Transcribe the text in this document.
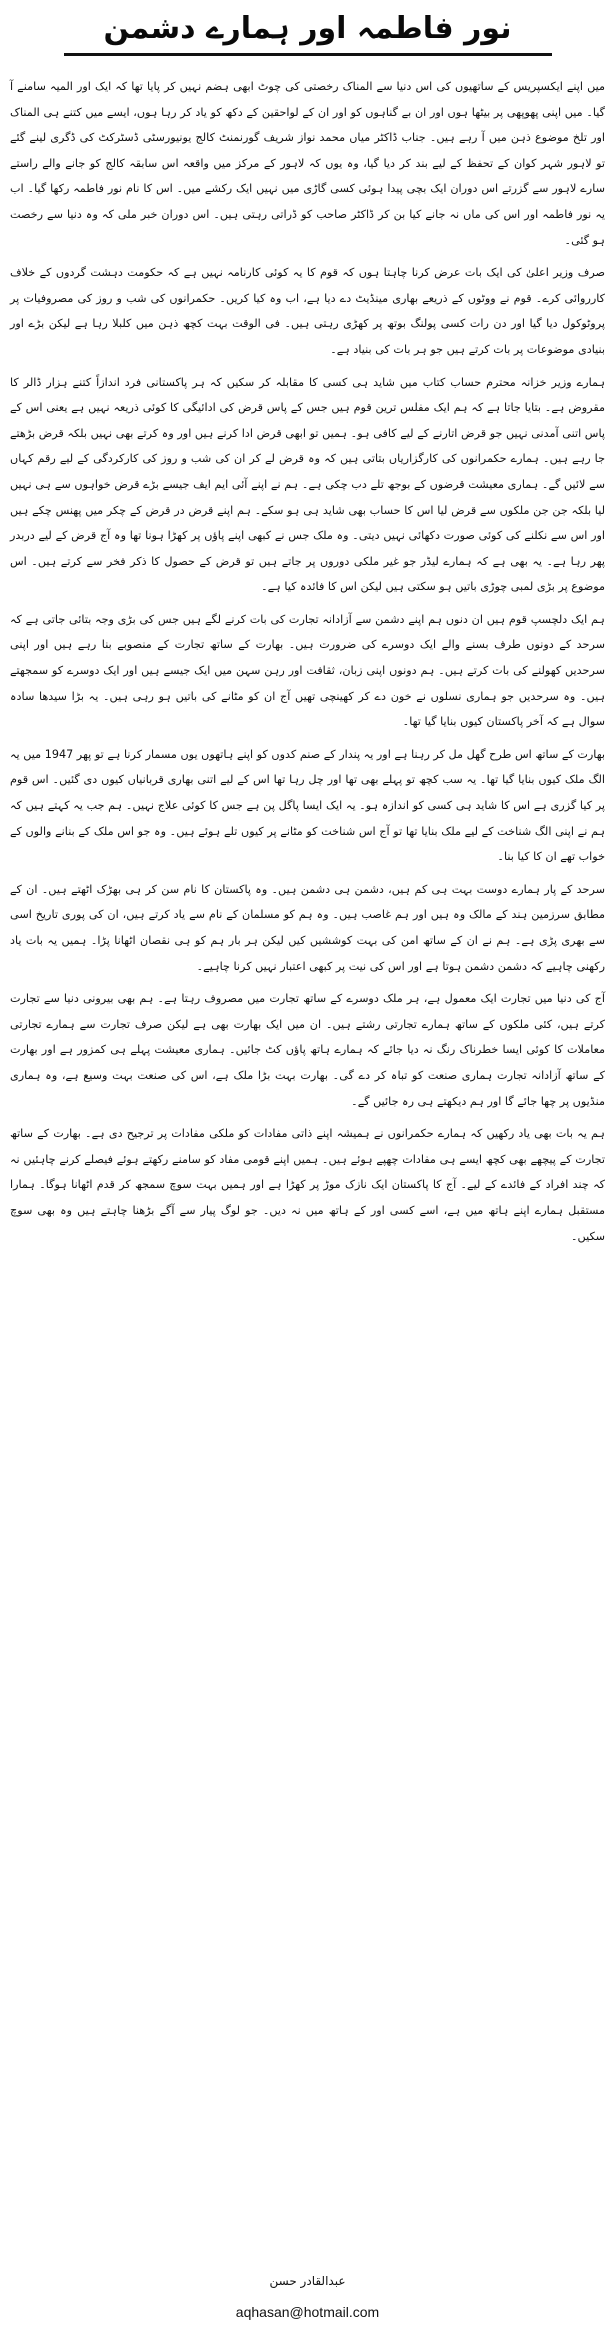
نور فاطمہ اور ہمارے دشمن

میں اپنے ایکسپریس کے ساتھیوں کی اس دنیا سے المناک رخصتی کی چوٹ ابھی ہضم نہیں کر پایا تھا کہ ایک اور المیہ سامنے آ گیا۔ میں اپنی پھوپھی پر بیٹھا ہوں اور ان بے گناہوں کو اور ان کے لواحقین کے دکھ کو یاد کر رہا ہوں، ایسے میں کتنے ہی المناک اور تلخ موضوع ذہن میں آ رہے ہیں۔ جناب ڈاکٹر میاں محمد نواز شریف گورنمنٹ کالج یونیورسٹی ڈسٹرکٹ کی ڈگری لینے گئے تو لاہور شہر کوان کے تحفظ کے لیے بند کر دیا گیا، وہ یوں کہ لاہور کے مرکز میں واقعہ اس سابقہ کالج کو جانے والے راستے سارے لاہور سے گزرتے اس دوران ایک بچی پیدا ہوئی کسی گاڑی میں نہیں ایک رکشے میں۔ اس کا نام نور فاطمہ رکھا گیا۔ اب یہ نور فاطمہ اور اس کی ماں نہ جانے کیا بن کر ڈاکٹر صاحب کو ڈراتی رہتی ہیں۔ اس دوران خبر ملی کہ وہ دنیا سے رخصت ہو گئی۔

صرف وزیر اعلیٰ کی ایک بات عرض کرنا چاہتا ہوں کہ قوم کا یہ کوئی کارنامہ نہیں ہے کہ حکومت دہشت گردوں کے خلاف کارروائی کرے۔ قوم نے ووٹوں کے ذریعے بھاری مینڈیٹ دے دیا ہے، اب وہ کیا کریں۔ حکمرانوں کی شب و روز کی مصروفیات پر پروٹوکول دیا گیا اور دن رات کسی پولنگ بوتھ پر کھڑی رہتی ہیں۔ فی الوقت بہت کچھ ذہن میں کلبلا رہا ہے لیکن بڑے اور بنیادی موضوعات پر بات کرتے ہیں جو ہر بات کی بنیاد ہے۔

ہمارے وزیر خزانہ محترم حساب کتاب میں شاید ہی کسی کا مقابلہ کر سکیں کہ ہر پاکستانی فرد اندازاً کتنے ہزار ڈالر کا مقروض ہے۔ بتایا جاتا ہے کہ ہم ایک مفلس ترین قوم ہیں جس کے پاس قرض کی ادائیگی کا کوئی ذریعہ نہیں ہے یعنی اس کے پاس اتنی آمدنی نہیں جو قرض اتارنے کے لیے کافی ہو۔ ہمیں تو ابھی قرض ادا کرنے ہیں اور وہ کرتے بھی نہیں بلکہ قرض بڑھتے جا رہے ہیں۔ ہمارے حکمرانوں کی کارگزاریاں بتاتی ہیں کہ وہ قرض لے کر ان کی شب و روز کی کارکردگی کے لیے رقم کہاں سے لائیں گے۔ ہماری معیشت قرضوں کے بوجھ تلے دب چکی ہے۔ ہم نے اپنے آئی ایم ایف جیسے بڑے قرض خواہوں سے ہی نہیں لیا بلکہ جن جن ملکوں سے قرض لیا اس کا حساب بھی شاید ہی ہو سکے۔ ہم اپنے قرض در قرض کے چکر میں پھنس چکے ہیں اور اس سے نکلنے کی کوئی صورت دکھائی نہیں دیتی۔ وہ ملک جس نے کبھی اپنے پاؤں پر کھڑا ہونا تھا وہ آج قرض کے لیے دربدر پھر رہا ہے۔ یہ بھی ہے کہ ہمارے لیڈر جو غیر ملکی دوروں پر جاتے ہیں تو قرض کے حصول کا ذکر فخر سے کرتے ہیں۔ اس موضوع پر بڑی لمبی چوڑی باتیں ہو سکتی ہیں لیکن اس کا فائدہ کیا ہے۔

ہم ایک دلچسپ قوم ہیں ان دنوں ہم اپنے دشمن سے آزادانہ تجارت کی بات کرنے لگے ہیں جس کی بڑی وجہ بتائی جاتی ہے کہ سرحد کے دونوں طرف بسنے والے ایک دوسرے کی ضرورت ہیں۔ بھارت کے ساتھ تجارت کے منصوبے بنا رہے ہیں اور اپنی سرحدیں کھولنے کی بات کرتے ہیں۔ ہم دونوں اپنی زبان، ثقافت اور رہن سہن میں ایک جیسے ہیں اور ایک دوسرے کو سمجھتے ہیں۔ وہ سرحدیں جو ہماری نسلوں نے خون دے کر کھینچی تھیں آج ان کو مٹانے کی باتیں ہو رہی ہیں۔ یہ بڑا سیدھا سادہ سوال ہے کہ آخر پاکستان کیوں بنایا گیا تھا۔

بھارت کے ساتھ اس طرح گھل مل کر رہنا ہے اور یہ پندار کے صنم کدوں کو اپنے ہاتھوں یوں مسمار کرنا ہے تو پھر 1947 میں یہ الگ ملک کیوں بنایا گیا تھا۔ یہ سب کچھ تو پہلے بھی تھا اور چل رہا تھا اس کے لیے اتنی بھاری قربانیاں کیوں دی گئیں۔ اس قوم پر کیا گزری ہے اس کا شاید ہی کسی کو اندازہ ہو۔ یہ ایک ایسا پاگل پن ہے جس کا کوئی علاج نہیں۔ ہم جب یہ کہتے ہیں کہ ہم نے اپنی الگ شناخت کے لیے ملک بنایا تھا تو آج اس شناخت کو مٹانے پر کیوں تلے ہوئے ہیں۔ وہ جو اس ملک کے بنانے والوں کے خواب تھے ان کا کیا بنا۔

سرحد کے پار ہمارے دوست بہت ہی کم ہیں، دشمن ہی دشمن ہیں۔ وہ پاکستان کا نام سن کر ہی بھڑک اٹھتے ہیں۔ ان کے مطابق سرزمین ہند کے مالک وہ ہیں اور ہم غاصب ہیں۔ وہ ہم کو مسلمان کے نام سے یاد کرتے ہیں، ان کی پوری تاریخ اسی سے بھری پڑی ہے۔ ہم نے ان کے ساتھ امن کی بہت کوششیں کیں لیکن ہر بار ہم کو ہی نقصان اٹھانا پڑا۔ ہمیں یہ بات یاد رکھنی چاہیے کہ دشمن دشمن ہوتا ہے اور اس کی نیت پر کبھی اعتبار نہیں کرنا چاہیے۔

آج کی دنیا میں تجارت ایک معمول ہے، ہر ملک دوسرے کے ساتھ تجارت میں مصروف رہتا ہے۔ ہم بھی بیرونی دنیا سے تجارت کرتے ہیں، کئی ملکوں کے ساتھ ہمارے تجارتی رشتے ہیں۔ ان میں ایک بھارت بھی ہے لیکن صرف تجارت سے ہمارے تجارتی معاملات کا کوئی ایسا خطرناک رنگ نہ دیا جائے کہ ہمارے ہاتھ پاؤں کٹ جائیں۔ ہماری معیشت پہلے ہی کمزور ہے اور بھارت کے ساتھ آزادانہ تجارت ہماری صنعت کو تباہ کر دے گی۔ بھارت بہت بڑا ملک ہے، اس کی صنعت بہت وسیع ہے، وہ ہماری منڈیوں پر چھا جائے گا اور ہم دیکھتے ہی رہ جائیں گے۔

ہم یہ بات بھی یاد رکھیں کہ ہمارے حکمرانوں نے ہمیشہ اپنے ذاتی مفادات کو ملکی مفادات پر ترجیح دی ہے۔ بھارت کے ساتھ تجارت کے پیچھے بھی کچھ ایسے ہی مفادات چھپے ہوئے ہیں۔ ہمیں اپنے قومی مفاد کو سامنے رکھتے ہوئے فیصلے کرنے چاہئیں نہ کہ چند افراد کے فائدے کے لیے۔ آج کا پاکستان ایک نازک موڑ پر کھڑا ہے اور ہمیں بہت سوچ سمجھ کر قدم اٹھانا ہوگا۔ ہمارا مستقبل ہمارے اپنے ہاتھ میں ہے، اسے کسی اور کے ہاتھ میں نہ دیں۔ جو لوگ پیار سے آگے بڑھنا چاہتے ہیں وہ بھی سوچ سکیں۔

عبدالقادر حسن
aqhasan@hotmail.com
